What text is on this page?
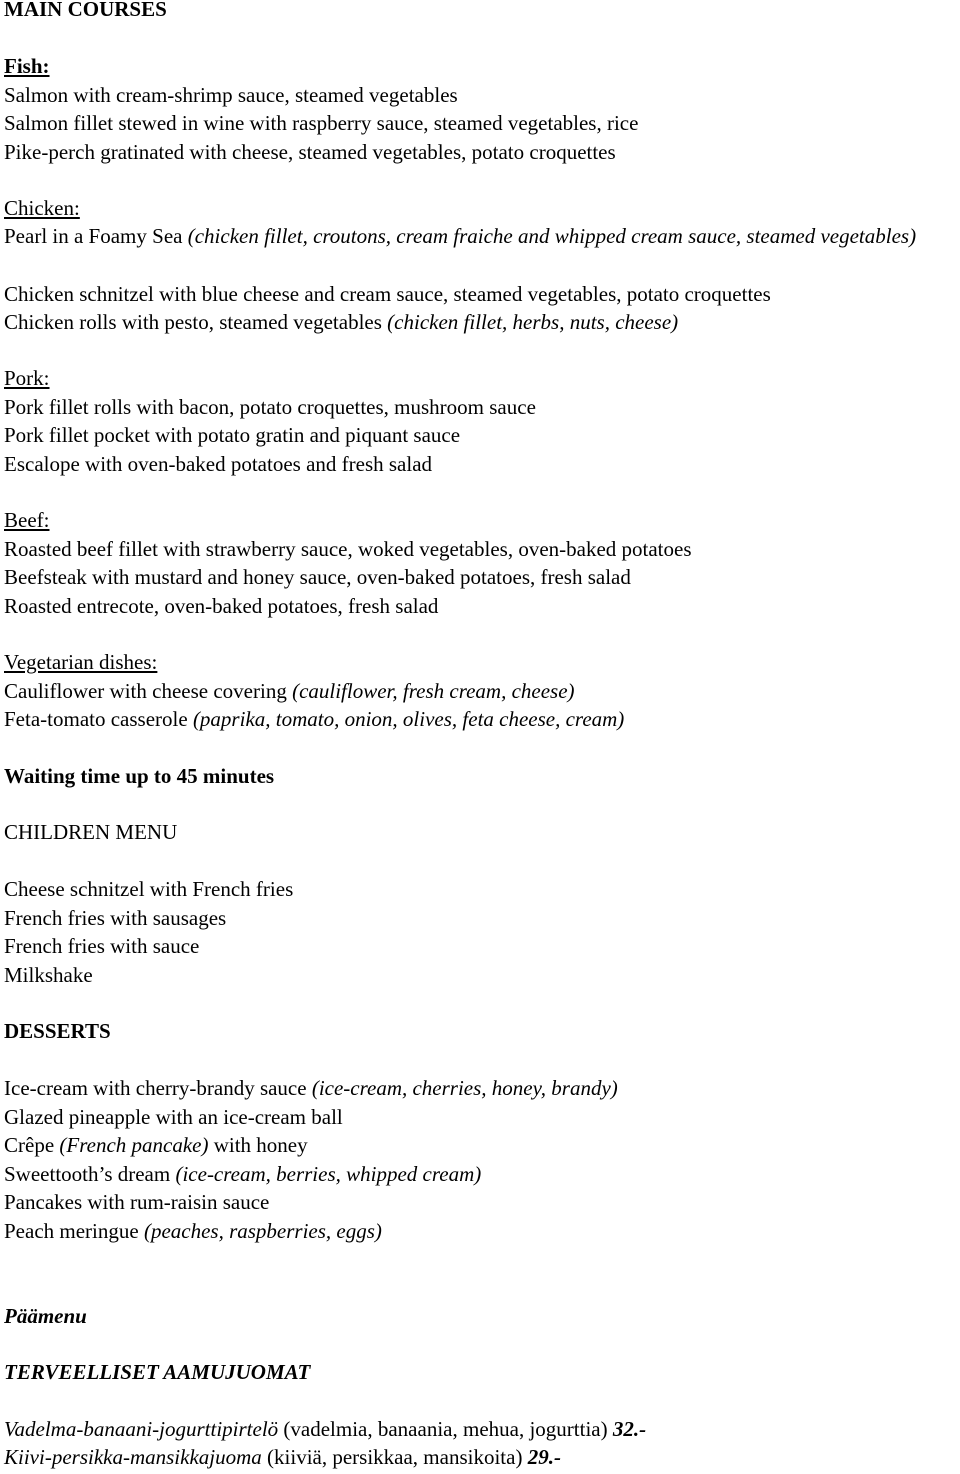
MAIN COURSES
Fish:
Salmon with cream-shrimp sauce, steamed vegetables
Salmon fillet stewed in wine with raspberry sauce, steamed vegetables, rice
Pike-perch gratinated with cheese, steamed vegetables, potato croquettes
Chicken:
Pearl in a Foamy Sea (chicken fillet, croutons, cream fraiche and whipped cream sauce, steamed vegetables)
Chicken schnitzel with blue cheese and cream sauce, steamed vegetables, potato croquettes
Chicken rolls with pesto, steamed vegetables (chicken fillet, herbs, nuts, cheese)
Pork:
Pork fillet rolls with bacon, potato croquettes, mushroom sauce
Pork fillet pocket with potato gratin and piquant sauce
Escalope with oven-baked potatoes and fresh salad
Beef:
Roasted beef fillet with strawberry sauce, woked vegetables, oven-baked potatoes
Beefsteak with mustard and honey sauce, oven-baked potatoes, fresh salad
Roasted entrecote, oven-baked potatoes, fresh salad
Vegetarian dishes:
Cauliflower with cheese covering (cauliflower, fresh cream, cheese)
Feta-tomato casserole (paprika, tomato, onion, olives, feta cheese, cream)
Waiting time up to 45 minutes
CHILDREN MENU
Cheese schnitzel with French fries
French fries with sausages
French fries with sauce
Milkshake
DESSERTS
Ice-cream with cherry-brandy sauce (ice-cream, cherries, honey, brandy)
Glazed pineapple with an ice-cream ball
Crêpe (French pancake) with honey
Sweettooth’s dream (ice-cream, berries, whipped cream)
Pancakes with rum-raisin sauce
Peach meringue (peaches, raspberries, eggs)
Päämenu
TERVEELLISET AAMUJUOMAT
Vadelma-banaani-jogurttipirtelö (vadelmia, banaania, mehua, jogurttia) 32.-
Kiivi-persikka-mansikkajuoma (kiiviä, persikkaa, mansikoita) 29.-
